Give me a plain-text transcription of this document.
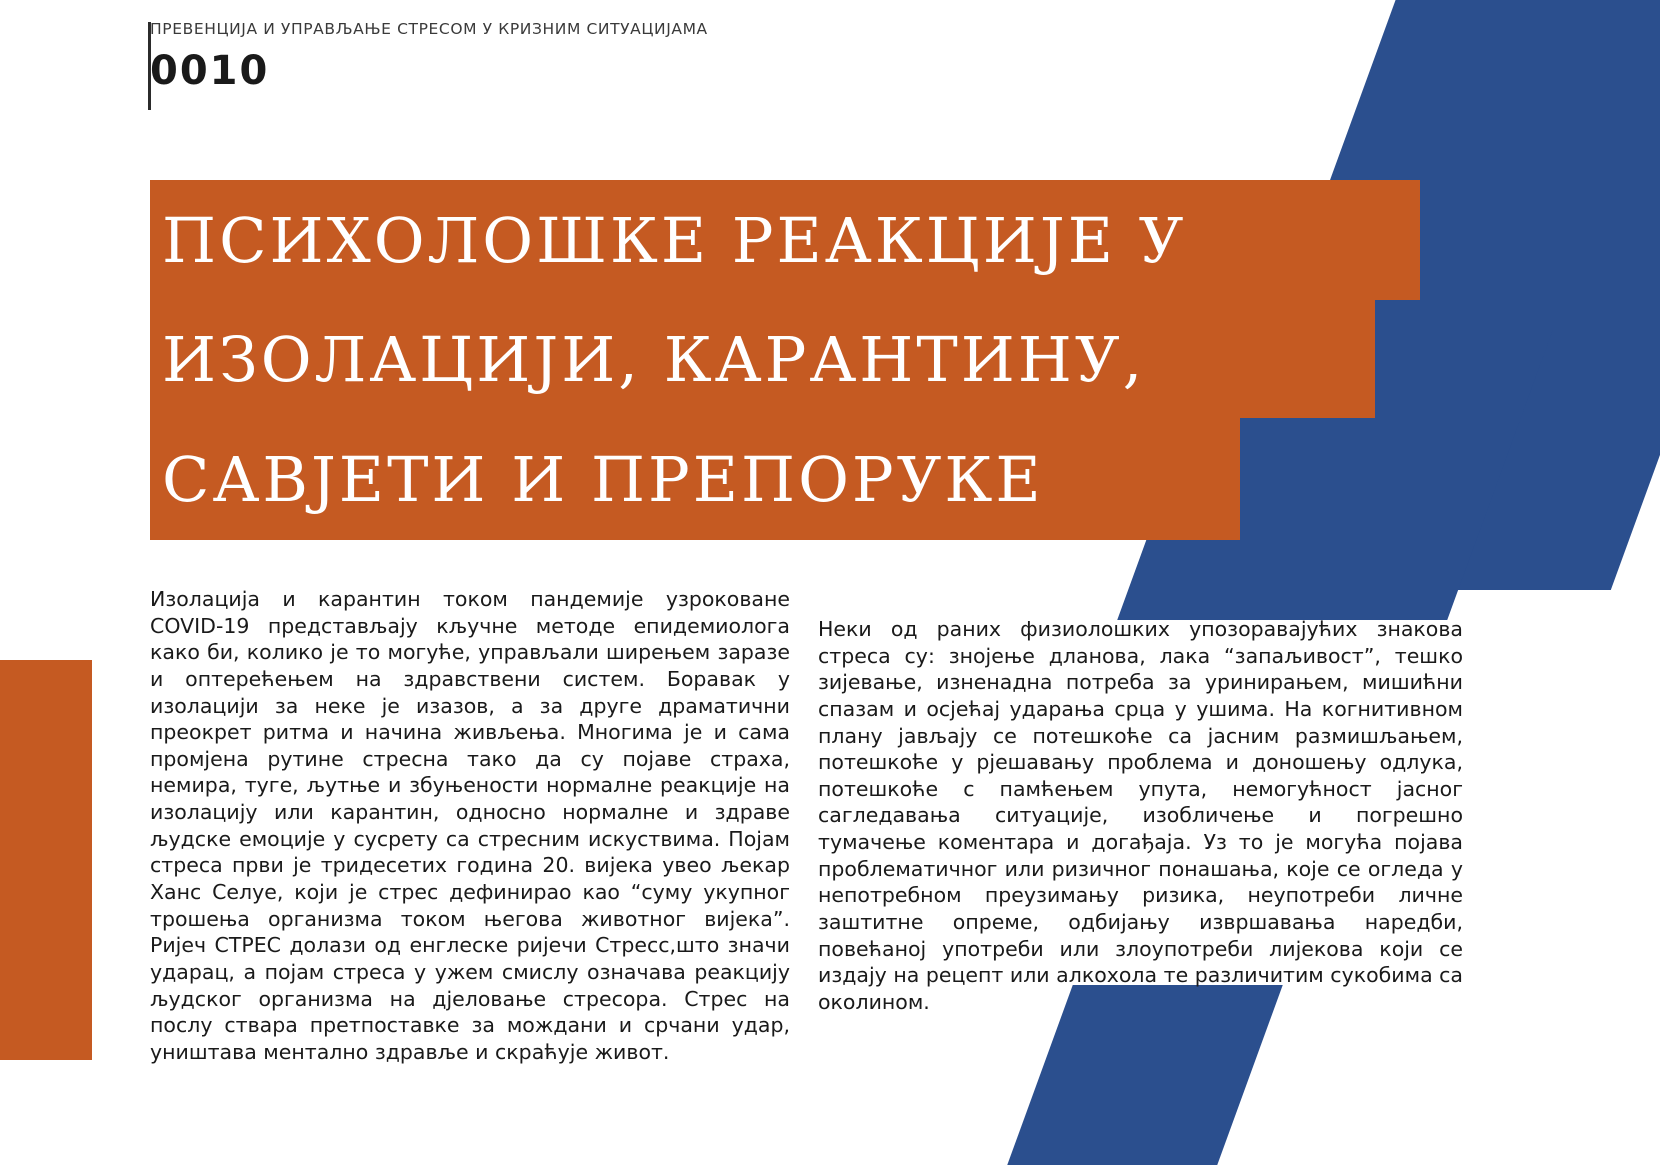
ПРЕВЕНЦИЈА И УПРАВЉАЊЕ СТРЕСОМ У КРИЗНИМ СИТУАЦИЈАМА
0010
ПСИХОЛОШКЕ РЕАКЦИЈЕ У
ИЗОЛАЦИЈИ, КАРАНТИНУ,
САВЈЕТИ И ПРЕПОРУКЕ
Изолација и карантин током пандемије узроковане COVID-19 представљају кључне методе епидемиолога како би, колико је то могуће, управљали ширењем заразе и оптерећењем на здравствени систем. Боравак у изолацији за неке је изазов, а за друге драматични преокрет ритма и начина живљења. Многима је и сама промјена рутине стресна тако да су појаве страха, немира, туге, љутње и збуњености нормалне реакције на изолацију или карантин, односно нормалне и здраве људске емоције у сусрету са стресним искуствима. Појам стреса први је тридесетих година 20. вијека увео љекар Ханс Селуе, који је стрес дефинирао као “суму укупног трошења организма током његова животног вијека”. Ријеч СТРЕС долази од енглеске ријечи Стресс,што значи ударац, а појам стреса у ужем смислу означава реакцију људског организма на дјеловање стресора. Стрес на послу ствара претпоставке за мождани и срчани удар, уништава ментално здравље и скраћује живот.
Неки од раних физиолошких упозоравајућих знакова стреса су: знојење дланова, лака “запаљивост”, тешко зијевање, изненадна потреба за уринирањем, мишићни спазам и осјећај ударања срца у ушима. На когнитивном плану јављају се потешкоће са јасним размишљањем, потешкоће у рјешавању проблема и доношењу одлука, потешкоће с памћењем упута, немогућност јасног сагледавања ситуације, изобличење и погрешно тумачење коментара и догађаја. Уз то је могућа појава проблематичног или ризичног понашања, које се огледа у непотребном преузимању ризика, неупотреби личне заштитне опреме, одбијању извршавања наредби, повећаној употреби или злоупотреби лијекова који се издају на рецепт или алкохола те различитим сукобима са околином.
